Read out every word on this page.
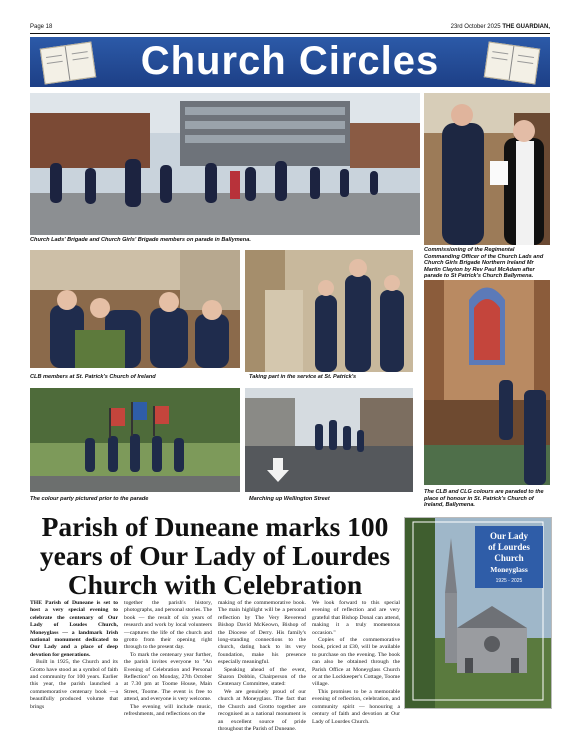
Page 18	23rd October 2025 THE GUARDIAN,
Church Circles
Church Lads' Brigade and Church Girls' Brigade members on parade in Ballymena.
Commissioning of the Regimental Commanding Officer of the Church Lads and Church Girls Brigade Northern Ireland Mr Martin Clayton by Rev Paul McAdam after parade to St Patrick's Church Ballymena.
CLB members at St. Patrick's Church of Ireland	Taking part in the service at St. Patrick's
The CLB and CLG colours are paraded to the place of honour in St. Patrick's Church of Ireland, Ballymena.
The colour party pictured prior to the parade	Marching up Wellington Street
Parish of Duneane marks 100 years of Our Lady of Lourdes Church with Celebration

THE Parish of Duneane is set to host a very special evening to celebrate the centenary of Our Lady of Loudes Church, Moneyglass — a landmark Irish national monument dedicated to Our Lady and a place of deep devotion for generations.

Built in 1925, the Church and its Grotto have stood as a symbol of faith and community for 100 years. Earlier this year, the parish launched a commemorative centenary book —a beautifully produced volume that brings

together the parish's history, photographs, and personal stories. The book — the result of six years of research and work by local volunteers—captures the life of the church and grotto from their opening right through to the present day.

To mark the centenary year further, the parish invites everyone to "An Evening of Celebration and Personal Reflection" on Monday, 27th October at 7.30 pm at Toome House, Main Street, Toome. The event is free to attend, and everyone is very welcome.

The evening will include music, refreshments, and reflections on the

making of the commemorative book. The main highlight will be a personal reflection by The Very Reverend Bishop David McKeown, Bishop of the Diocese of Derry. His family's long-standing connections to the church, dating back to its very foundation, make his presence especially meaningful.

Speaking ahead of the event, Sharon Dobbin, Chairperson of the Centenary Committee, stated:

We are genuinely proud of our church at Moneyglass. The fact that the Church and Grotto together are recognised as a national monument is an excellent source of pride throughout the Parish of Duneane.

We look forward to this special evening of reflection and are very grateful that Bishop Donal can attend, making it a truly momentous occasion."

Copies of the commemorative book, priced at £30, will be available to purchase on the evening. The book can also be obtained through the Parish Office at Moneyglass Church or at the Lockkeeper's Cottage, Toome village.

This promises to be a memorable evening of reflection, celebration, and community spirit — honouring a century of faith and devotion at Our Lady of Lourdes Church.

Our Lady
of Lourdes
Church
Moneyglass
1925 - 2025
